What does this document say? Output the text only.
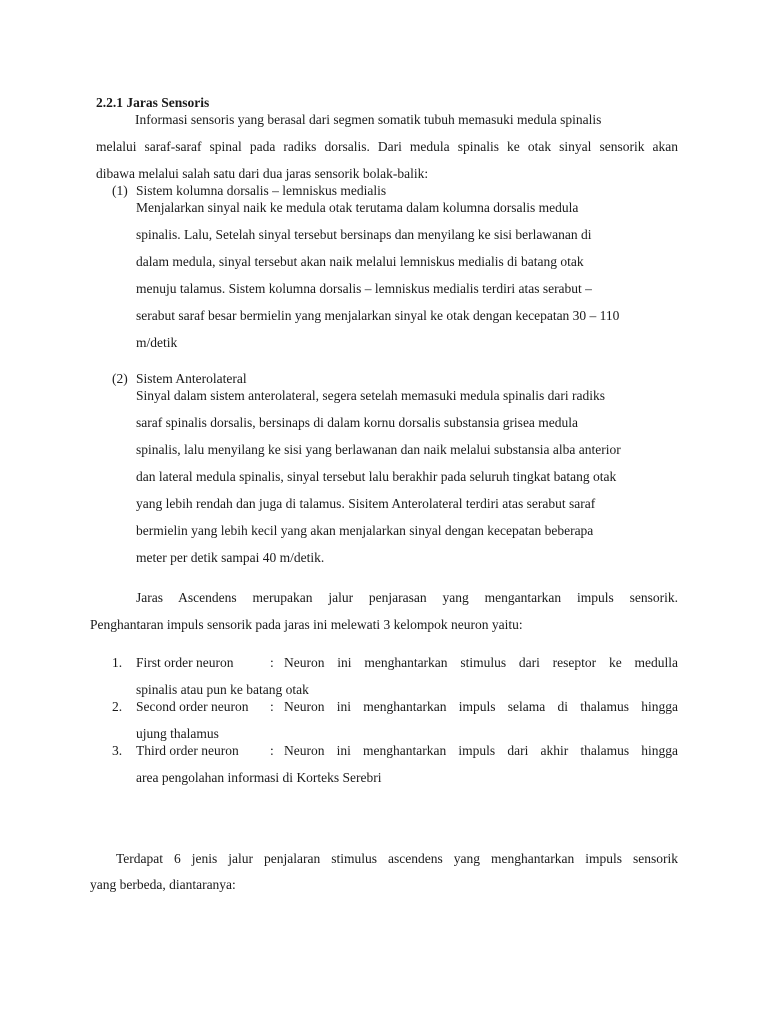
2.2.1 Jaras Sensoris
Informasi sensoris yang berasal dari segmen somatik tubuh memasuki medula spinalis
melalui saraf-saraf spinal pada radiks dorsalis. Dari medula spinalis ke otak sinyal sensorik akan
dibawa melalui salah satu dari dua jaras sensorik bolak-balik:
(1) Sistem kolumna dorsalis – lemniskus medialis
Menjalarkan sinyal naik ke medula otak terutama dalam kolumna dorsalis medula
spinalis. Lalu, Setelah sinyal tersebut bersinaps dan menyilang ke sisi berlawanan di
dalam medula, sinyal tersebut akan naik melalui lemniskus medialis di batang otak
menuju talamus. Sistem kolumna dorsalis – lemniskus medialis terdiri atas serabut –
serabut saraf besar bermielin yang menjalarkan sinyal ke otak dengan kecepatan 30 – 110
m/detik
(2) Sistem Anterolateral
Sinyal dalam sistem anterolateral, segera setelah memasuki medula spinalis dari radiks
saraf spinalis dorsalis, bersinaps di dalam kornu dorsalis substansia grisea medula
spinalis, lalu menyilang ke sisi yang berlawanan dan naik melalui substansia alba anterior
dan lateral medula spinalis, sinyal tersebut lalu berakhir pada seluruh tingkat batang otak
yang lebih rendah dan juga di talamus. Sisitem Anterolateral terdiri atas serabut saraf
bermielin yang lebih kecil yang akan menjalarkan sinyal dengan kecepatan beberapa
meter per detik sampai 40 m/detik.
Jaras Ascendens merupakan jalur penjarasan yang mengantarkan impuls sensorik.
Penghantaran impuls sensorik pada jaras ini melewati 3 kelompok neuron yaitu:
1. First order neuron	: Neuron ini menghantarkan stimulus dari reseptor ke medulla
spinalis atau pun ke batang otak
2. Second order neuron : Neuron ini menghantarkan impuls selama di thalamus hingga
ujung thalamus
3. Third order neuron : Neuron ini menghantarkan impuls dari akhir thalamus hingga
area pengolahan informasi di Korteks Serebri
Terdapat 6 jenis jalur penjalaran stimulus ascendens yang menghantarkan impuls sensorik
yang berbeda, diantaranya:
